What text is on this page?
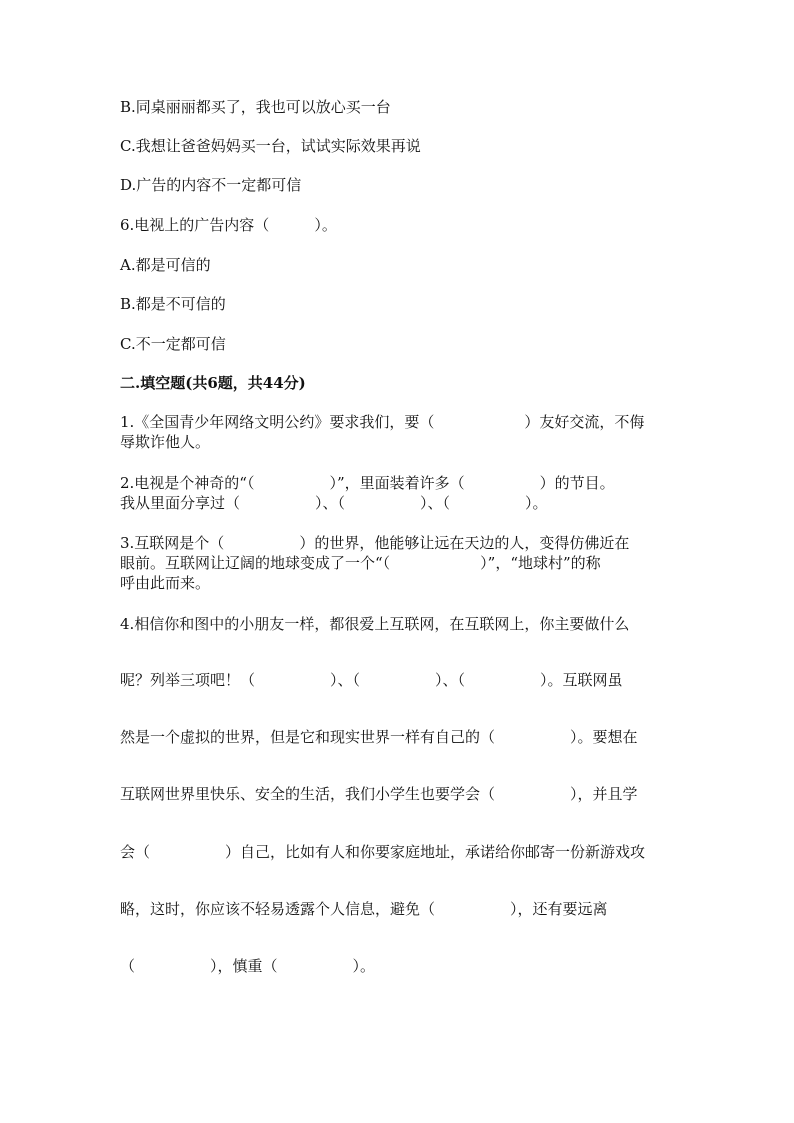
B.同桌丽丽都买了，我也可以放心买一台
C.我想让爸爸妈妈买一台，试试实际效果再说
D.广告的内容不一定都可信
6.电视上的广告内容（　　　）。
A.都是可信的
B.都是不可信的
C.不一定都可信
二.填空题(共6题，共44分)
1.《全国青少年网络文明公约》要求我们，要（　　　　　　）友好交流，不侮
辱欺诈他人。
2.电视是个神奇的“（　　　　　）”，里面装着许多（　　　　　）的节目。
我从里面分享过（　　　　　）、（　　　　　）、（　　　　　）。
3.互联网是个（　　　　　）的世界，他能够让远在天边的人，变得仿佛近在
眼前。互联网让辽阔的地球变成了一个“（　　　　　　）”，“地球村”的称
呼由此而来。
4.相信你和图中的小朋友一样，都很爱上互联网，在互联网上，你主要做什么
呢？列举三项吧！（　　　　　）、（　　　　　）、（　　　　　）。互联网虽
然是一个虚拟的世界，但是它和现实世界一样有自己的（　　　　　）。要想在
互联网世界里快乐、安全的生活，我们小学生也要学会（　　　　　），并且学
会（　　　　　）自己，比如有人和你要家庭地址，承诺给你邮寄一份新游戏攻
略，这时，你应该不轻易透露个人信息，避免（　　　　　），还有要远离
（　　　　　），慎重（　　　　　）。
